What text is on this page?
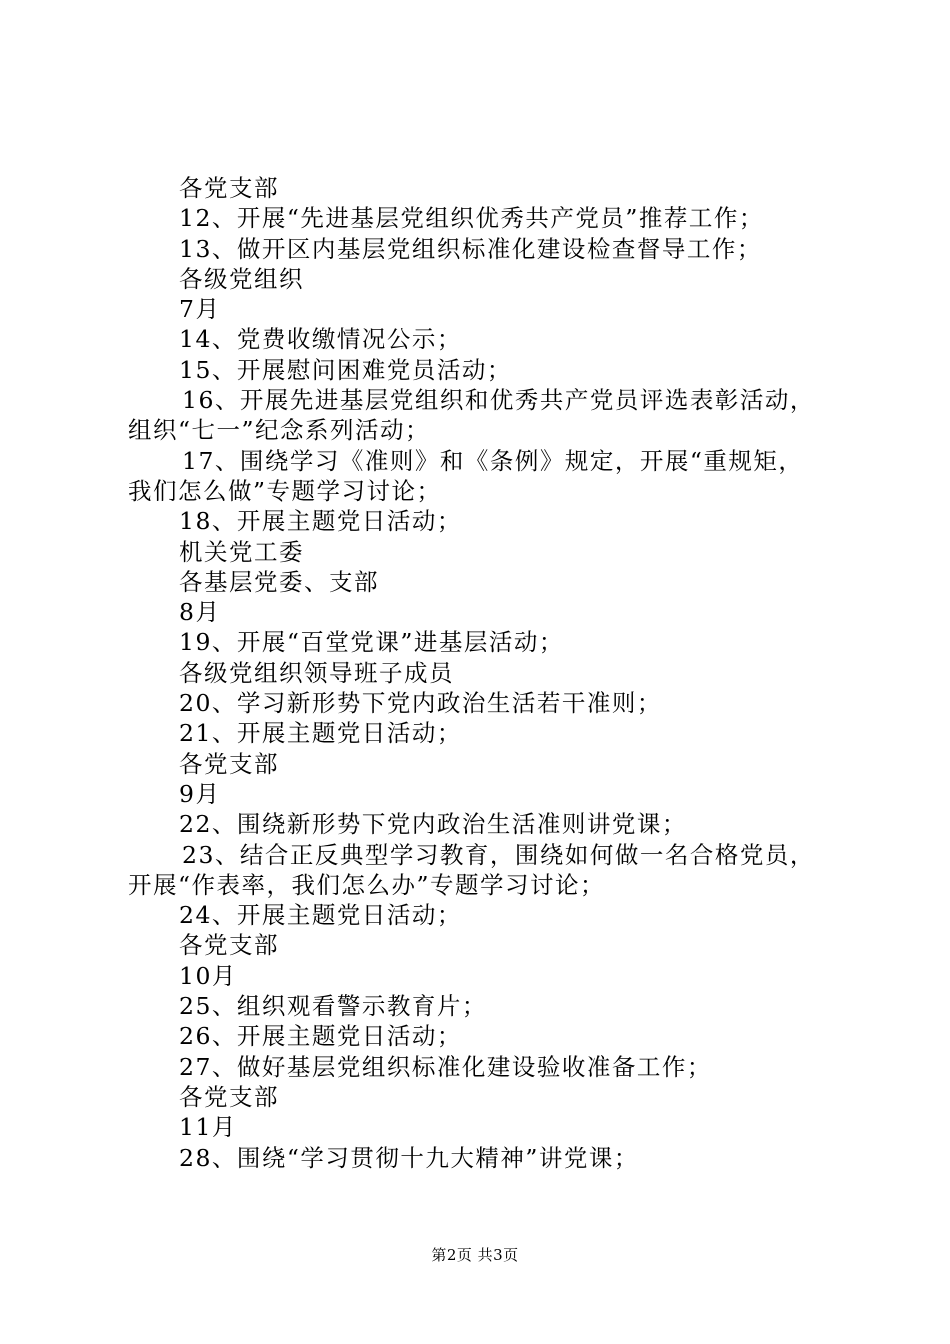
各党支部
12、开展“先进基层党组织优秀共产党员”推荐工作；
13、做开区内基层党组织标准化建设检查督导工作；
各级党组织
7月
14、党费收缴情况公示；
15、开展慰问困难党员活动；
16、开展先进基层党组织和优秀共产党员评选表彰活动，
组织“七一”纪念系列活动；
17、围绕学习《准则》和《条例》规定，开展“重规矩，
我们怎么做”专题学习讨论；
18、开展主题党日活动；
机关党工委
各基层党委、支部
8月
19、开展“百堂党课”进基层活动；
各级党组织领导班子成员
20、学习新形势下党内政治生活若干准则；
21、开展主题党日活动；
各党支部
9月
22、围绕新形势下党内政治生活准则讲党课；
23、结合正反典型学习教育，围绕如何做一名合格党员，
开展“作表率，我们怎么办”专题学习讨论；
24、开展主题党日活动；
各党支部
10月
25、组织观看警示教育片；
26、开展主题党日活动；
27、做好基层党组织标准化建设验收准备工作；
各党支部
11月
28、围绕“学习贯彻十九大精神”讲党课；
第2页 共3页
